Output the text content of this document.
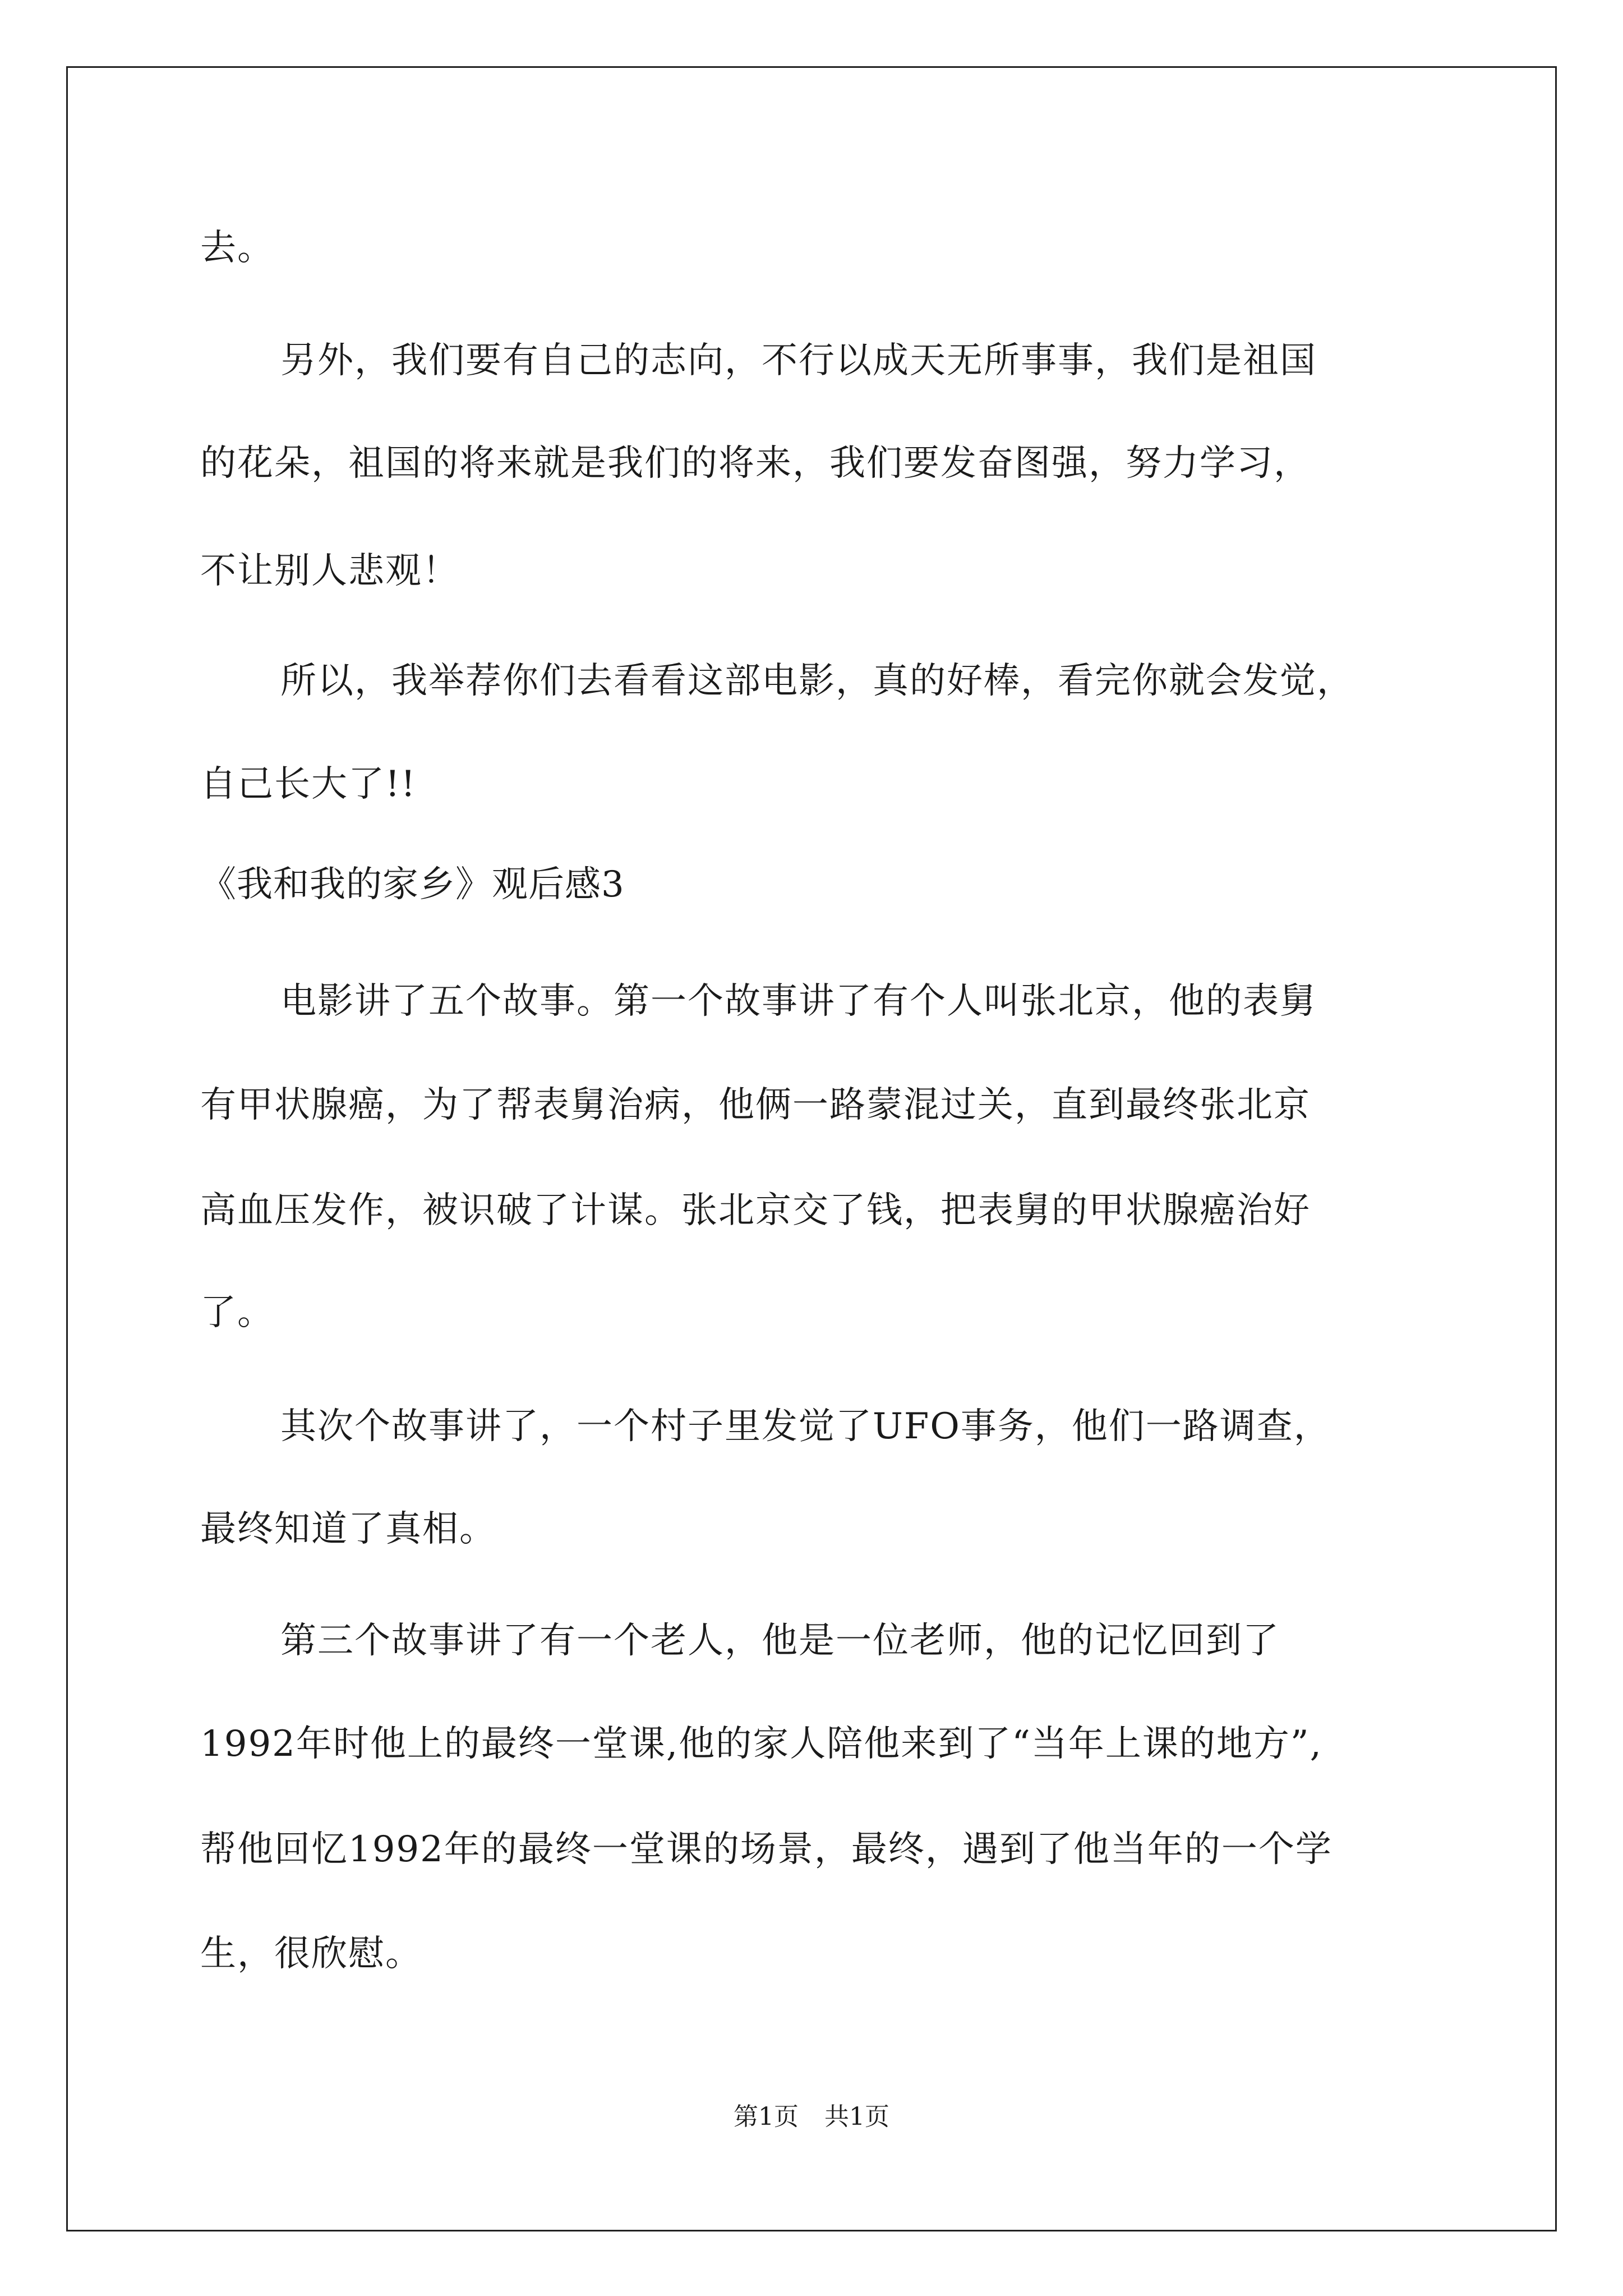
去。
另外，我们要有自己的志向，不行以成天无所事事，我们是祖国
的花朵，祖国的将来就是我们的将来，我们要发奋图强，努力学习，
不让别人悲观！
所以，我举荐你们去看看这部电影，真的好棒，看完你就会发觉，
自己长大了!!
《我和我的家乡》观后感3
电影讲了五个故事。第一个故事讲了有个人叫张北京，他的表舅
有甲状腺癌，为了帮表舅治病，他俩一路蒙混过关，直到最终张北京
高血压发作，被识破了计谋。张北京交了钱，把表舅的甲状腺癌治好
了。
其次个故事讲了，一个村子里发觉了UFO事务，他们一路调查，
最终知道了真相。
第三个故事讲了有一个老人，他是一位老师，他的记忆回到了
1992年时他上的最终一堂课,他的家人陪他来到了“当年上课的地方”,
帮他回忆1992年的最终一堂课的场景，最终，遇到了他当年的一个学
生，很欣慰。
第1页 共1页
